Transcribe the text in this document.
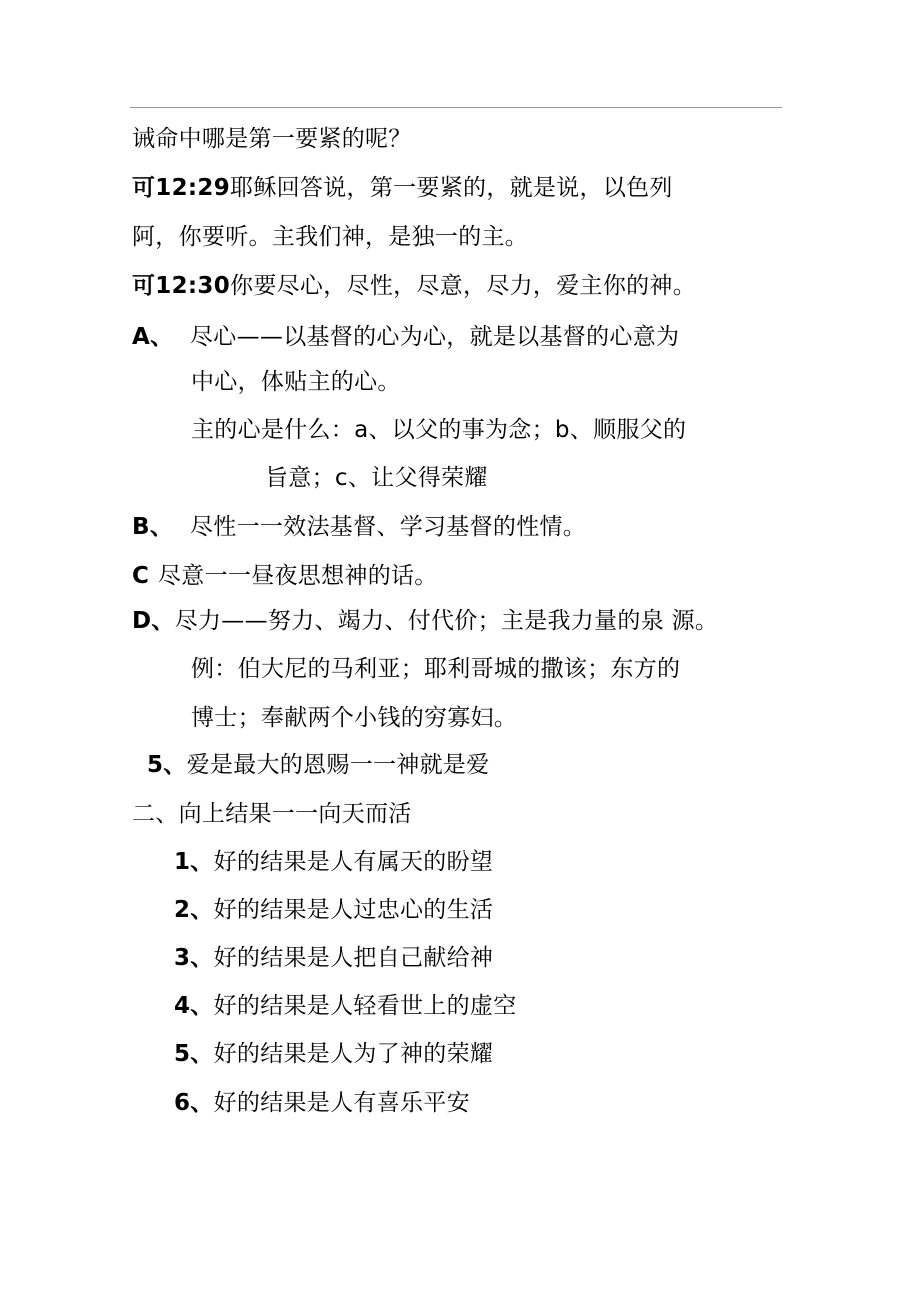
诫命中哪是第一要紧的呢？
可12:29耶稣回答说，第一要紧的，就是说，以色列
阿，你要听。主我们神，是独一的主。
可12:30你要尽心，尽性，尽意，尽力，爱主你的神。
A、 尽心——以基督的心为心，就是以基督的心意为
中心，体贴主的心。
主的心是什么：a、以父的事为念；b、顺服父的
旨意；c、让父得荣耀
B、 尽性一一效法基督、学习基督的性情。
C 尽意一一昼夜思想神的话。
D、尽力——努力、竭力、付代价；主是我力量的泉 源。
例：伯大尼的马利亚；耶利哥城的撒该；东方的
博士；奉献两个小钱的穷寡妇。
5、爱是最大的恩赐一一神就是爱
二、向上结果一一向天而活
1、好的结果是人有属天的盼望
2、好的结果是人过忠心的生活
3、好的结果是人把自己献给神
4、好的结果是人轻看世上的虚空
5、好的结果是人为了神的荣耀
6、好的结果是人有喜乐平安
